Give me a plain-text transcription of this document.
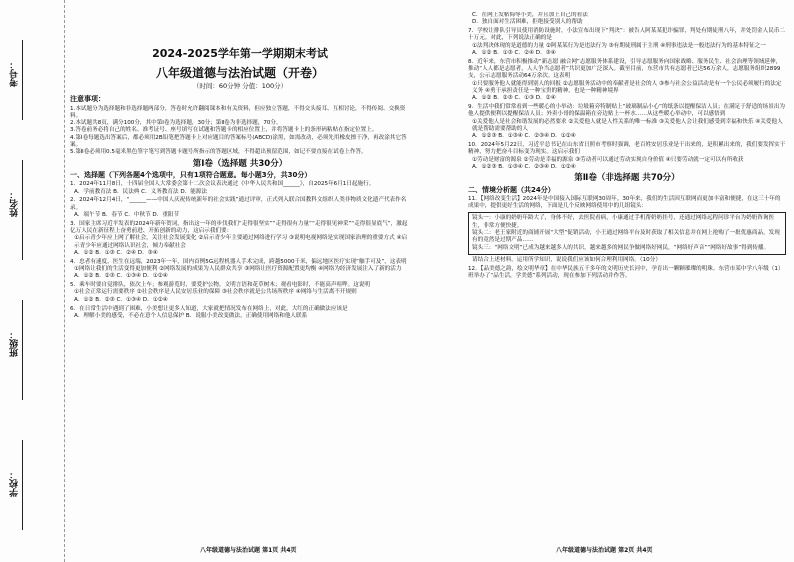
考号：
姓名：
班级：
学校：
2024-2025学年第一学期期末考试
八年级道德与法治试题（开卷）
（时间：60分钟 分值：100分）
注意事项：

1.本试题分为选择题和非选择题两部分，答卷时允许翻阅课本和有关资料，但应独立答题，不得交头接耳、互相讨论，不得传阅、交换资料。

2.本试题共8页，满分100分，其中第Ⅰ卷为选择题，30分；第Ⅱ卷为非选择题，70分。

3.答卷前务必将自己的姓名、准考证号、座号填写在试题和答题卡的相应位置上，并将答题卡上的条形码粘贴在指定位置上。

4.第Ⅰ卷每题选出答案后，都必须用2B铅笔把答题卡上对应题目的答案标号(ABCD)涂黑，如需改动，必须先用橡皮擦干净，再改涂其它答案。

5.第Ⅱ卷必须用0.5毫米黑色签字笔写到答题卡题号所指示的答题区域，不得超出预留范围，如记不要直接在试卷上作答。

第Ⅰ卷（选择题 共30分）
一、选择题（下列各题4个选项中，只有1项符合题意。每小题3分，共30分）

1．2024年11月8日，十四届全国人大常委会第十二次会议表决通过《中华人民共和国______》，自2025年6月1日起施行。

A．学前教育法 B．民法典 C．义务教育法 D．能源法

2．2024年12月4日，“______——中国人庆祝传统新年的社会实践”通过评审，正式列入联合国教科文组织人类非物质文化遗产代表作名录。

A．端午节 B．春节 C．中秋节 D．重阳节

3．国家主席习近平发表的2024年新年贺词，指出这一年的步伐我们“走得很坚实”“走得很有力量”“走得很见神采”“走得很显底气”，激起亿万人民在新征程上奋勇前进、开拓创新的动力，这启示我们要：

①启示青少年应上网了解社会，关注社会发展变化 ②启示青少年主要通过网络进行学习 ③说明电视网络是实现国家治理的重要方式 ④启示青少年应通过网络认识社会，倾力奉献社会

A．①② B．①③ C．②④ D．③④

4．忠者有速度，医生在远端，2023年一年，国内首例5G远程机器人手术完成，跨越5000千米，偏远地区医疗实现“触手可及”，这表明

①网络让我们的生活变得更加便利 ②网络发展的成果为人民群众共享 ③网络让医疗资源配置更均衡 ④网络为经济发展注入了新的活力

A．①② B．②③ C．①③④ D．①②④

5．乘车时要自觉排队，依次上车；参观游览时，要爱护公物，文明言语和花草树木；观看电影时，不能高声喧哗。这说明

①社会正常运行需要秩序 ②社会秩序是人民安居乐业的保障 ③社会秩序就是公共场所秩序 ④网络与生活离不开规则

A．①② B．②③ C．①③④ D．①②④

6．在日常生活中遇到了困难，小美想让更多人知道，大家就把情况发布在网络上，对此，大红的正确做法应该是

A．理解小美的感受，不必在意个人信息保护 B．说服小美改变做法，正确使用网络和他人联系

C．在网上发帖侮辱小美，并且加上自己的看法

D．独自面对生活困难，拒绝接受别人的帮助

7．学校让排队引导员使用消防设施时，小法宣布出现下“判决”：被告人阿某某犯诈骗罪，判处有期徒刑八年，并处罚金人民币二十万元。对此，下列说法正确的是

①法判决体现的是道德的力量 ②阿某某行为是违法行为 ③有期徒刑属于主刑 ④刑事违法是一般违法行为的基本特征之一

A．①② B．①③ C．②④ D．③④

8．近年来，东营市积极推动“新志愿 融合网”志愿服务体系建设，引导志愿服务向国家战略、服务民生、社会治理等领域延伸，推动“人人都是志愿者，人人争当志愿者”共识更加广泛深入。截至目前，东营市共有志愿者已达56万余人，志愿服务组织2899支，公示志愿服务活动64万余次。这表明

①只要服务他人就能得到别人的回报 ②志愿服务活动中的奉献者是社会的人 ③参与社会公益活动是有一个公民必须履行的法定义务 ④勇于承担责任是一种宝贵的精神，也是一种精神境界

A．①② B．②③ C．①③ D．②④

9．生活中我们常常看到一些暖心的小举动：垃圾箱旁特制贴上“玻璃制品小心”的纸条以提醒保洁人员；在满足于舒适的场景出为他人提供便利以提醒保洁人员；外卖小哥的保温箱在旁边贴上一杯水……从这些暖心举动中，可以感悟到

①关爱他人是社会和谐发展的必然要求 ②关爱他人就是人性关系的唯一标准 ③关爱他人会让我们感受到幸福和快乐 ④关爱他人就是帮助需要帮助的人

A．①②③ B．①③④ C．②③④ D．①②④

10．2024年5月22日，习近平总书记在山东省日照市考察时强调，老百姓安居乐业是干出来的，是积累出来的，我们要发挥实干精神，努力把奋斗目标变为现实。这启示我们

①劳动是财富的源泉 ②劳动是幸福的源泉 ③劳动者可以通过劳动实现自身价值 ④只要劳动就一定可以有所收获

A．①②③ B．①③④ C．②③④ D．①②④

第Ⅱ卷（非选择题 共70分）
二、情境分析题（共24分）

11．【网络改变生活】2024年是中国接入国际互联网30周年。30年来，我们的生活因互联网而更加丰富和便捷，在这三十年的成果中，提供更好生活的网络，下面是几个反映网络使用中的几组镜头：

镜头一：小康的奶奶年龄大了，身体不好，去医院看病，小康通过手机帮奶奶挂号，还通过网络远程问诊平台为奶奶咨询医生，非常方便快捷。

镜头二：老王家附近的商铺开展“大型”促销活动，小王通过网络平台及时获取了相关信息并在网上抢购了一批优惠商品，发现有的竟然是过期产品……

镜头三：“网络文明”已成为越来越多人的共识，越来越多的网民争做网络好网民，“网络好声音”“网络好故事”得到传播。

请结合上述材料，运用所学知识，说说我们应该如何合理利用网络。（10分）

12．【品美德之韵，绘文明华章】在中华民族五千多年的文明历史长河中，孕育出一颗颗璀璨的明珠。东营市某中学八年级（1）班举办了“品生活，学美德”系列活动，现在参加下列活动并作答。

八年级道德与法治试题 第1页 共4页	八年级道德与法治试题 第2页 共4页
